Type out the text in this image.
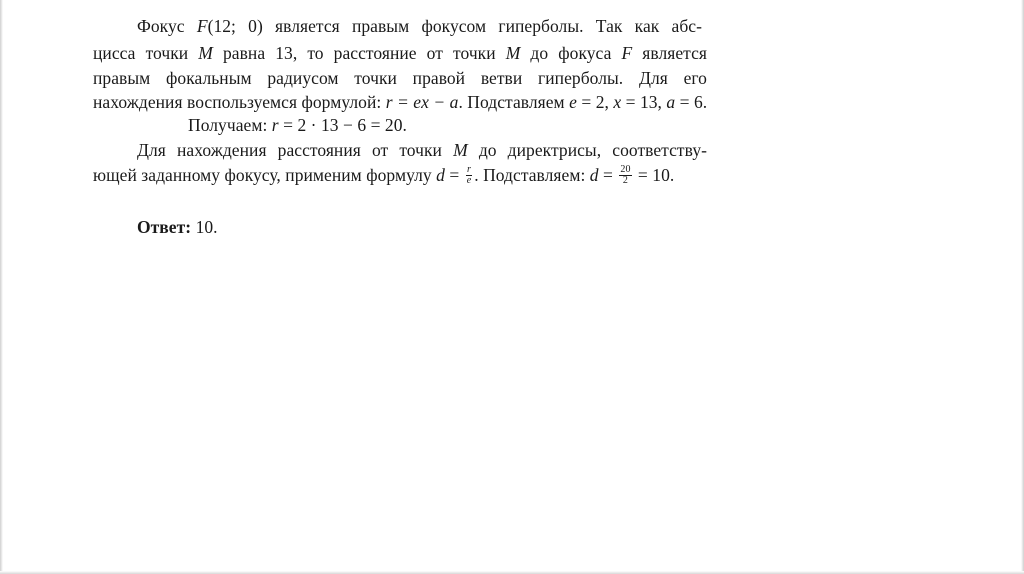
Фокус F(12; 0) является правым фокусом гиперболы. Так как абс-
цисса точки M равна 13, то расстояние от точки M до фокуса F является
правым фокальным радиусом точки правой ветви гиперболы. Для его
нахождения воспользуемся формулой: r = ex − a. Подставляем e = 2, x = 13, a = 6.
Получаем: r = 2 · 13 − 6 = 20.
Для нахождения расстояния от точки M до директрисы, соответству-
ющей заданному фокусу, применим формулу $d = \frac{r}{e}$ . Подставляем: $d = \frac{20}{2} = 10$.
Ответ: 10.
